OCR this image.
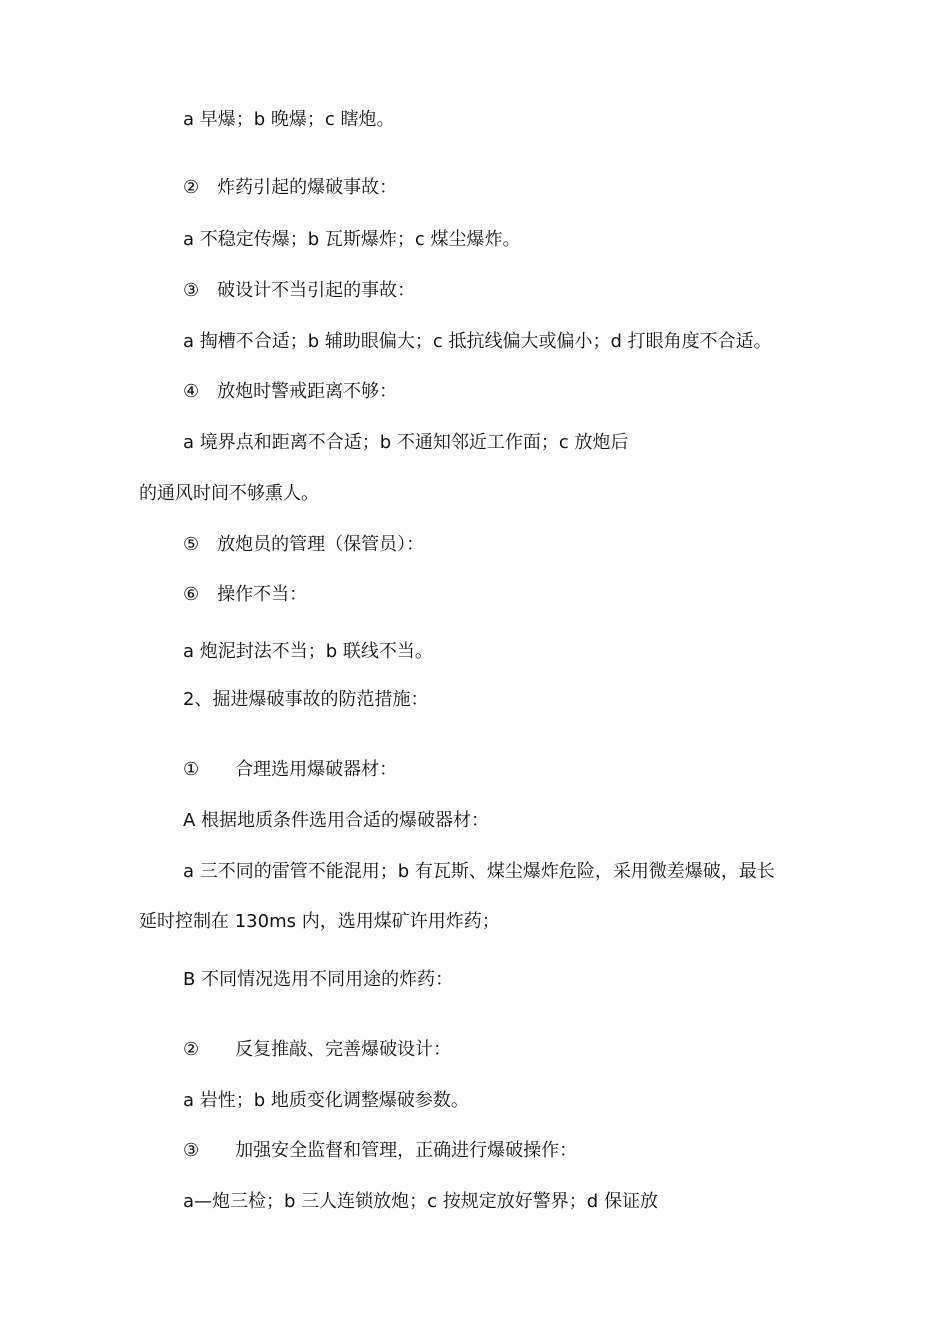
a 早爆；b 晚爆；c 瞎炮。

②　炸药引起的爆破事故：

a 不稳定传爆；b 瓦斯爆炸；c 煤尘爆炸。

③　破设计不当引起的事故：

a 掏槽不合适；b 辅助眼偏大；c 抵抗线偏大或偏小；d 打眼角度不合适。

④　放炮时警戒距离不够：

a 境界点和距离不合适；b 不通知邻近工作面；c 放炮后

的通风时间不够熏人。

⑤　放炮员的管理（保管员）：

⑥　操作不当：

a 炮泥封法不当；b 联线不当。

2、掘进爆破事故的防范措施：

①　　合理选用爆破器材：

A 根据地质条件选用合适的爆破器材：

a 三不同的雷管不能混用；b 有瓦斯、煤尘爆炸危险，采用微差爆破，最长

延时控制在 130ms 内，选用煤矿许用炸药；

B 不同情况选用不同用途的炸药：

②　　反复推敲、完善爆破设计：

a 岩性；b 地质变化调整爆破参数。

③　　加强安全监督和管理，正确进行爆破操作：

a—炮三检；b 三人连锁放炮；c 按规定放好警界；d 保证放
